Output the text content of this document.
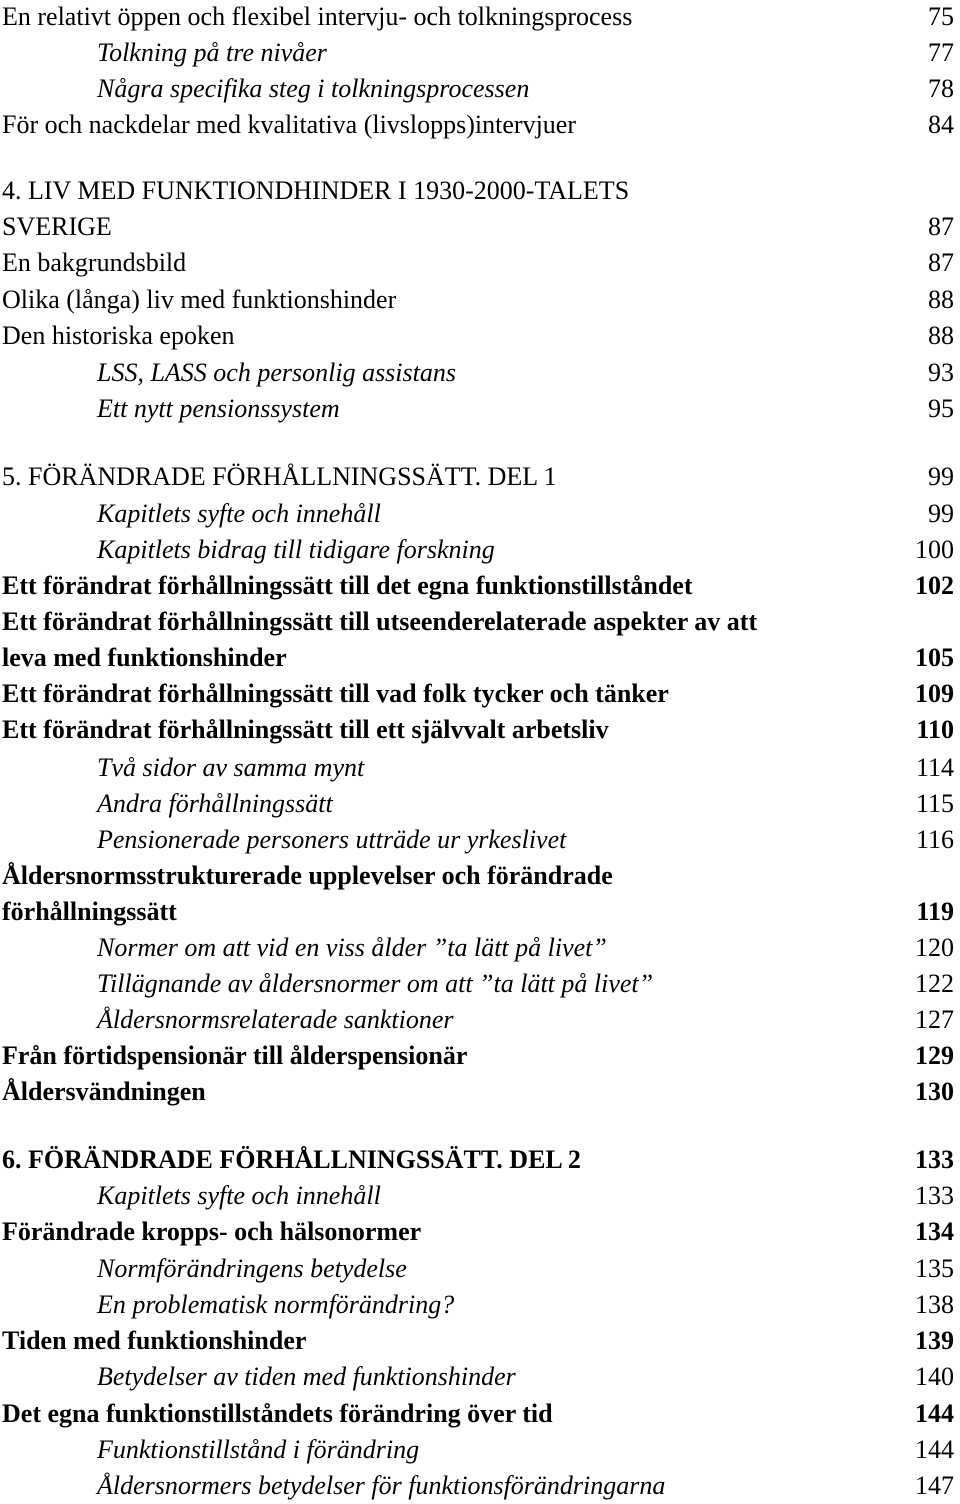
En relativt öppen och flexibel intervju- och tolkningsprocess	75
Tolkning på tre nivåer	77
Några specifika steg i tolkningsprocessen	78
För och nackdelar med kvalitativa (livslopps)intervjuer	84
4. LIV MED FUNKTIONDHINDER I 1930-2000-TALETS
SVERIGE	87
En bakgrundsbild	87
Olika (långa) liv med funktionshinder	88
Den historiska epoken	88
LSS, LASS och personlig assistans	93
Ett nytt pensionssystem	95
5. FÖRÄNDRADE FÖRHÅLLNINGSSÄTT. DEL 1	99
Kapitlets syfte och innehåll	99
Kapitlets bidrag till tidigare forskning	100
Ett förändrat förhållningssätt till det egna funktionstillståndet	102
Ett förändrat förhållningssätt till utseenderelaterade aspekter av att
leva med funktionshinder	105
Ett förändrat förhållningssätt till vad folk tycker och tänker	109
Ett förändrat förhållningssätt till ett självvalt arbetsliv	110
Två sidor av samma mynt	114
Andra förhållningssätt	115
Pensionerade personers utträde ur yrkeslivet	116
Åldersnormsstrukturerade upplevelser och förändrade
förhållningssätt	119
Normer om att vid en viss ålder ”ta lätt på livet”	120
Tillägnande av åldersnormer om att ”ta lätt på livet”	122
Åldersnormsrelaterade sanktioner	127
Från förtidspensionär till ålderspensionär	129
Åldersvändningen	130
6. FÖRÄNDRADE FÖRHÅLLNINGSSÄTT. DEL 2	133
Kapitlets syfte och innehåll	133
Förändrade kropps- och hälsonormer	134
Normförändringens betydelse	135
En problematisk normförändring?	138
Tiden med funktionshinder	139
Betydelser av tiden med funktionshinder	140
Det egna funktionstillståndets förändring över tid	144
Funktionstillstånd i förändring	144
Åldersnormers betydelser för funktionsförändringarna	147
